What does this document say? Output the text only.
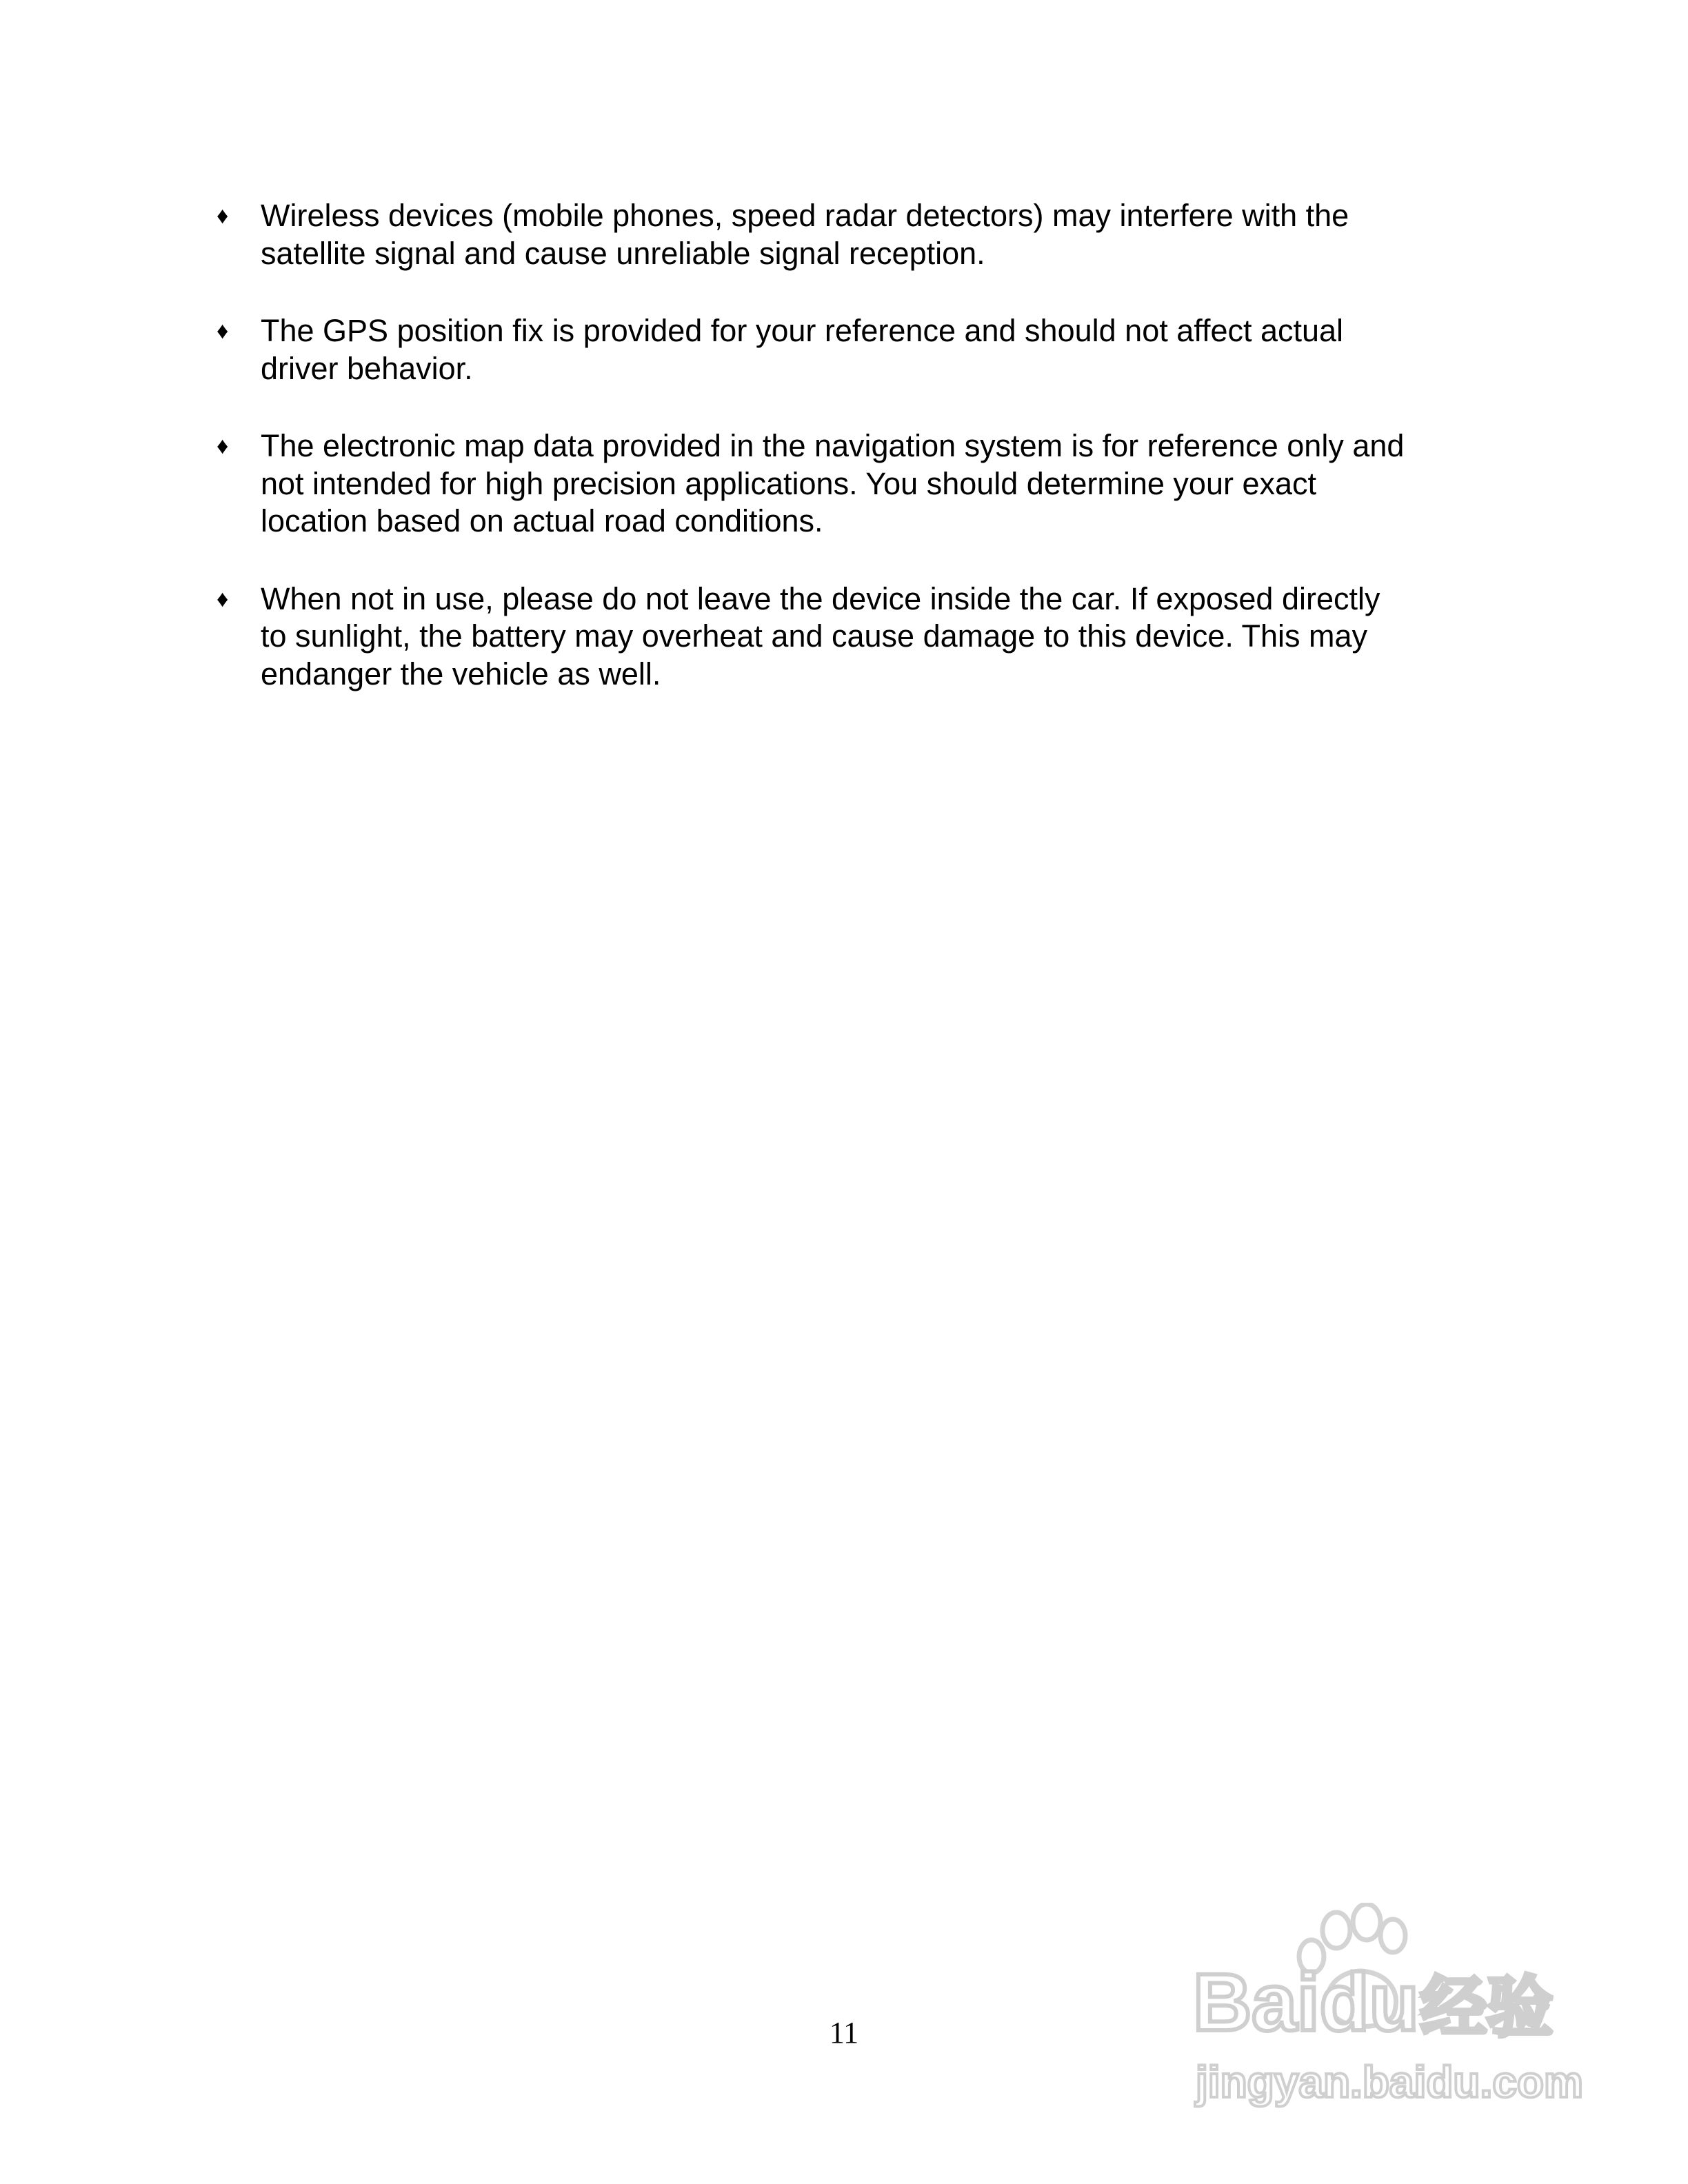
♦ Wireless devices (mobile phones, speed radar detectors) may interfere with the
satellite signal and cause unreliable signal reception.
♦ The GPS position fix is provided for your reference and should not affect actual
driver behavior.
♦ The electronic map data provided in the navigation system is for reference only and
not intended for high precision applications. You should determine your exact
location based on actual road conditions.
♦ When not in use, please do not leave the device inside the car. If exposed directly
to sunlight, the battery may overheat and cause damage to this device. This may
endanger the vehicle as well.
11	Baidu 经验
jingyan.baidu.com
